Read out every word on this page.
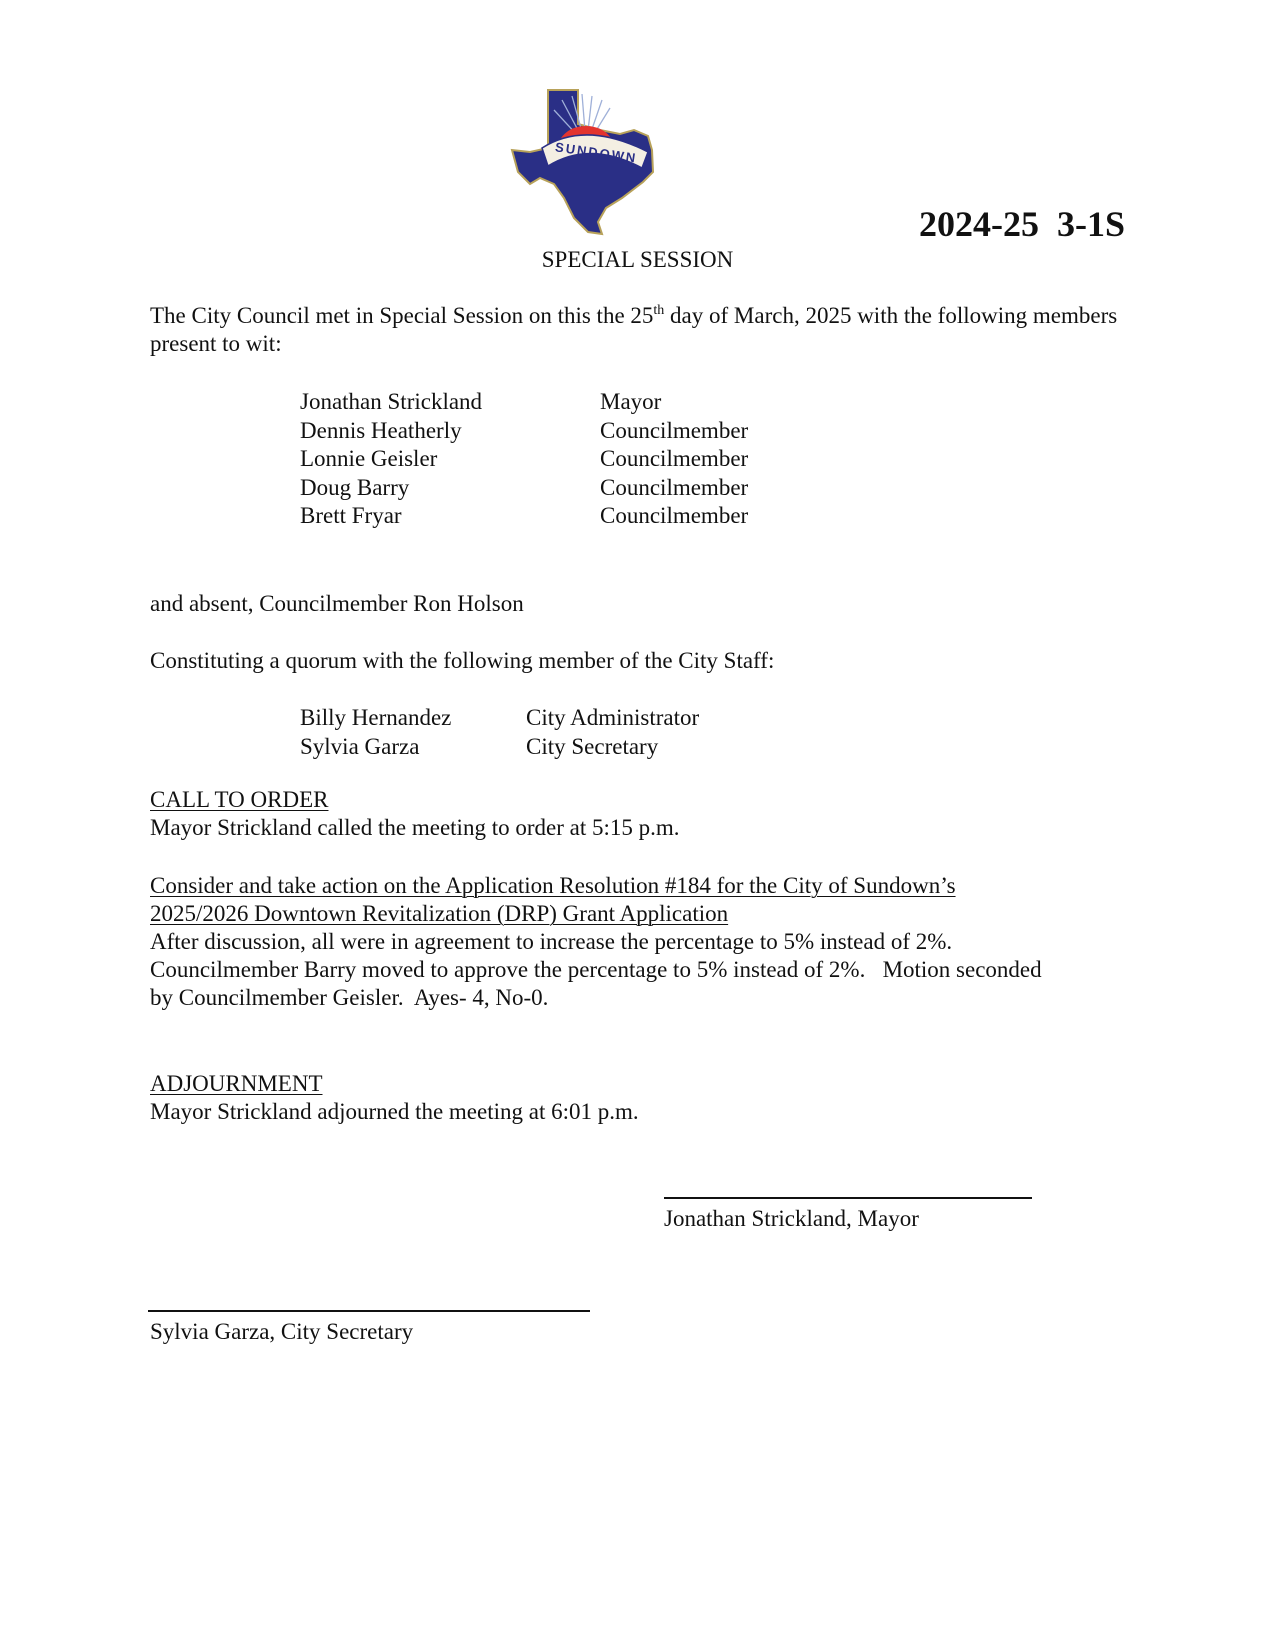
SUNDOWN
2024-25  3-1S
SPECIAL SESSION
The City Council met in Special Session on this the 25th day of March, 2025 with the following members present to wit:
Jonathan Strickland	Mayor
Dennis Heatherly	Councilmember
Lonnie Geisler	Councilmember
Doug Barry	Councilmember
Brett Fryar	Councilmember
and absent, Councilmember Ron Holson
Constituting a quorum with the following member of the City Staff:
Billy Hernandez	City Administrator
Sylvia Garza	City Secretary
CALL TO ORDER
Mayor Strickland called the meeting to order at 5:15 p.m.
Consider and take action on the Application Resolution #184 for the City of Sundown’s
2025/2026 Downtown Revitalization (DRP) Grant Application
After discussion, all were in agreement to increase the percentage to 5% instead of 2%.
Councilmember Barry moved to approve the percentage to 5% instead of 2%.   Motion seconded
by Councilmember Geisler.  Ayes- 4, No-0.
ADJOURNMENT
Mayor Strickland adjourned the meeting at 6:01 p.m.
Jonathan Strickland, Mayor
Sylvia Garza, City Secretary
